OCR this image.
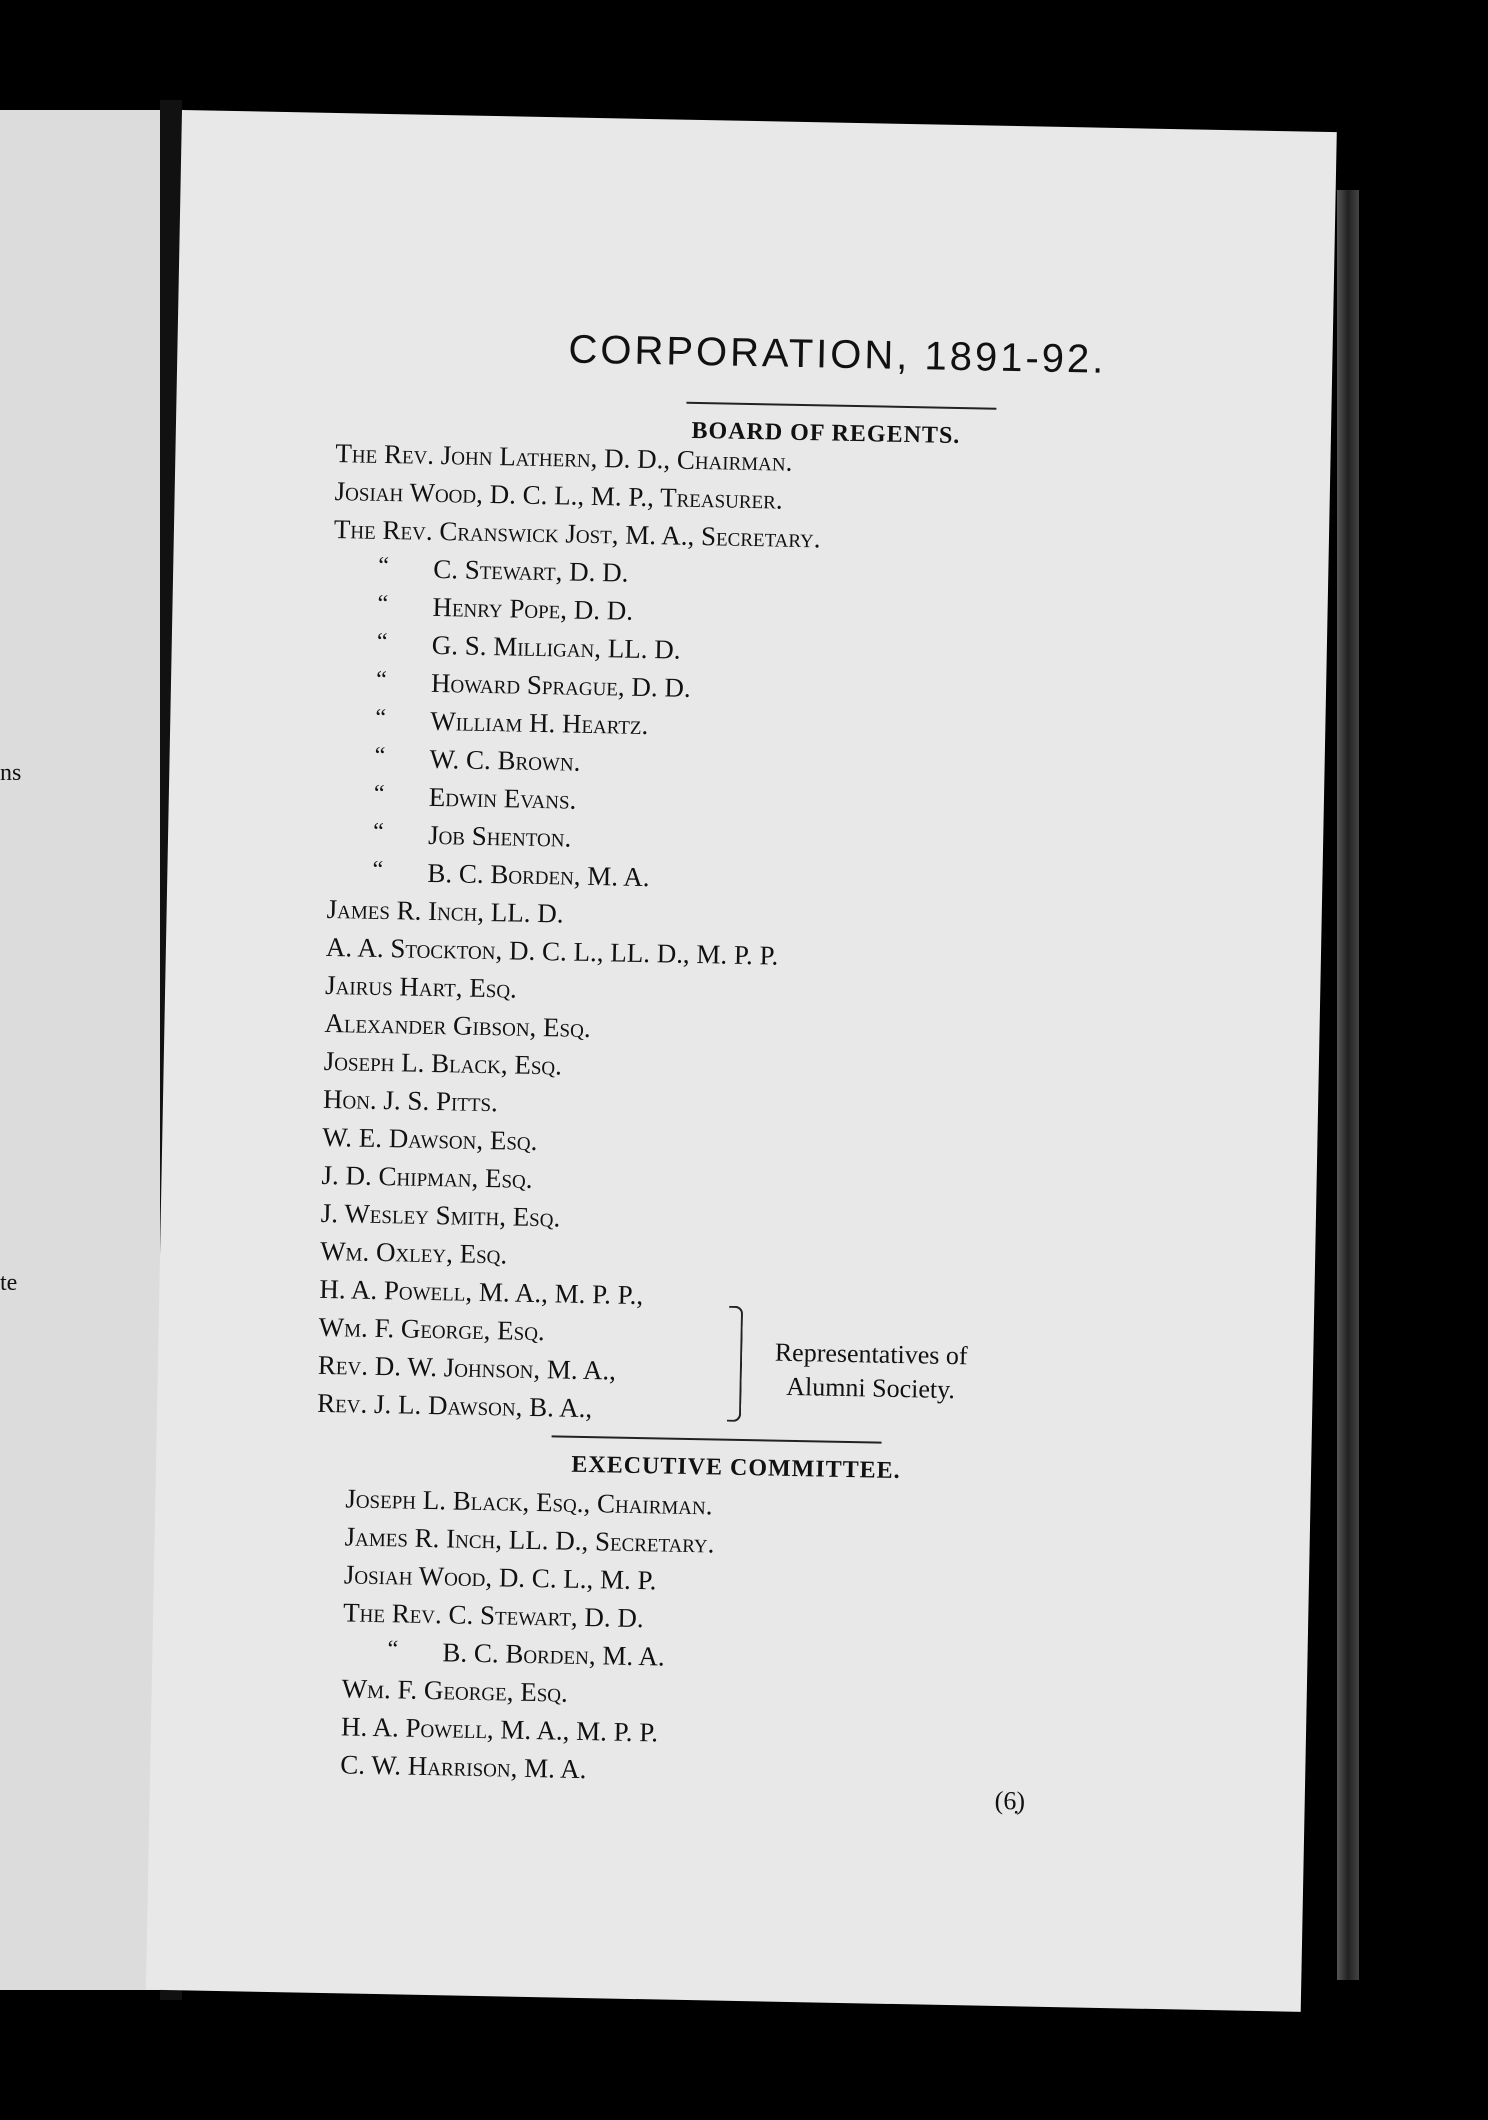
ns
te
CORPORATION, 1891-92.
BOARD OF REGENTS.
The Rev. John Lathern, D. D., Chairman.
Josiah Wood, D. C. L., M. P., Treasurer.
The Rev. Cranswick Jost, M. A., Secretary.
“ C. Stewart, D. D.
“ Henry Pope, D. D.
“ G. S. Milligan, LL. D.
“ Howard Sprague, D. D.
“ William H. Heartz.
“ W. C. Brown.
“ Edwin Evans.
“ Job Shenton.
“ B. C. Borden, M. A.
James R. Inch, LL. D.
A. A. Stockton, D. C. L., LL. D., M. P. P.
Jairus Hart, Esq.
Alexander Gibson, Esq.
Joseph L. Black, Esq.
Hon. J. S. Pitts.
W. E. Dawson, Esq.
J. D. Chipman, Esq.
J. Wesley Smith, Esq.
Wm. Oxley, Esq.
H. A. Powell, M. A., M. P. P.,
Wm. F. George, Esq.
Rev. D. W. Johnson, M. A.,
Rev. J. L. Dawson, B. A.,
Representatives of Alumni Society.
EXECUTIVE COMMITTEE.
Joseph L. Black, Esq., Chairman.
James R. Inch, LL. D., Secretary.
Josiah Wood, D. C. L., M. P.
The Rev. C. Stewart, D. D.
“ B. C. Borden, M. A.
Wm. F. George, Esq.
H. A. Powell, M. A., M. P. P.
C. W. Harrison, M. A.
(6̣)
